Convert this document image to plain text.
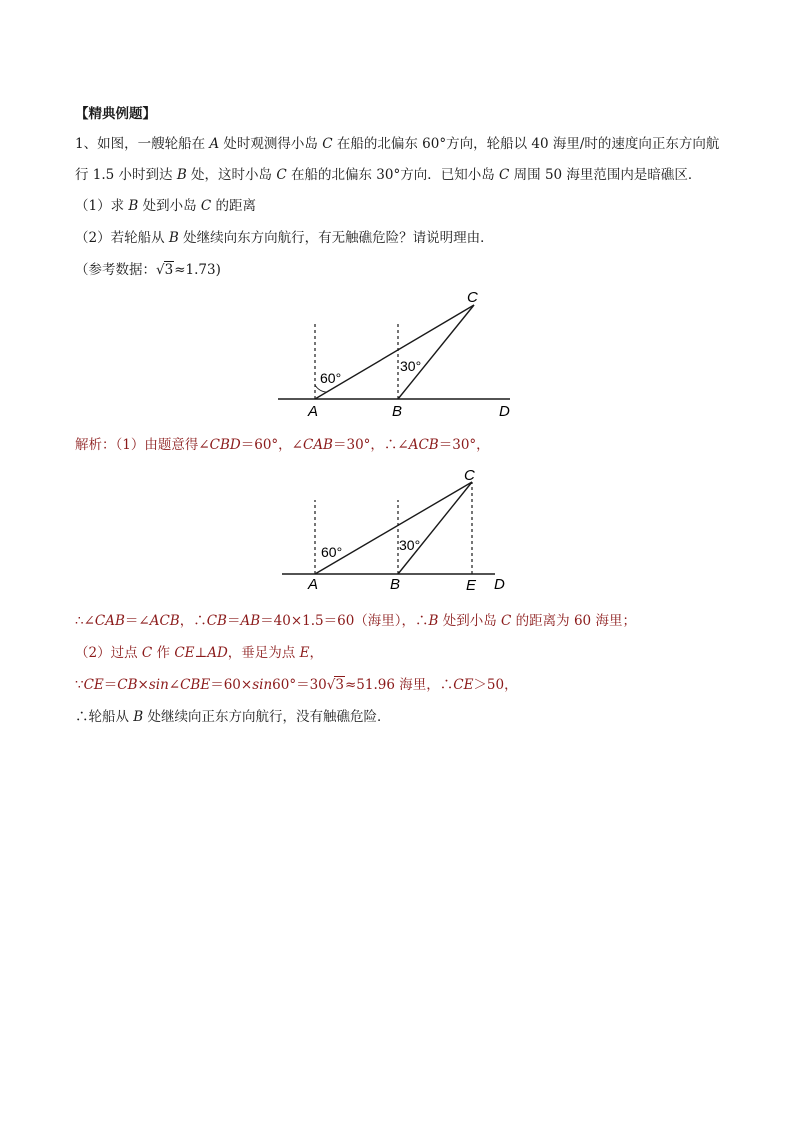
【精典例题】
1、如图，一艘轮船在 A 处时观测得小岛 C 在船的北偏东 60°方向，轮船以 40 海里/时的速度向正东方向航
行 1.5 小时到达 B 处，这时小岛 C 在船的北偏东 30°方向．已知小岛 C 周围 50 海里范围内是暗礁区．
（1）求 B 处到小岛 C 的距离
（2）若轮船从 B 处继续向东方向航行，有无触礁危险？请说明理由．
（参考数据：√3≈1.73)
60°
30°
A	B
C
D
解析：（1）由题意得∠CBD＝60°，∠CAB＝30°，∴∠ACB＝30°，
60°	30°
A	B
C
E D
∴∠CAB＝∠ACB，∴CB＝AB＝40×1.5＝60（海里），∴B 处到小岛 C 的距离为 60 海里；
（2）过点 C 作 CE⊥AD，垂足为点 E，
∵CE＝CB×sin∠CBE＝60×sin60°＝30√3≈51.96 海里，∴CE＞50，
∴轮船从 B 处继续向正东方向航行，没有触礁危险．
